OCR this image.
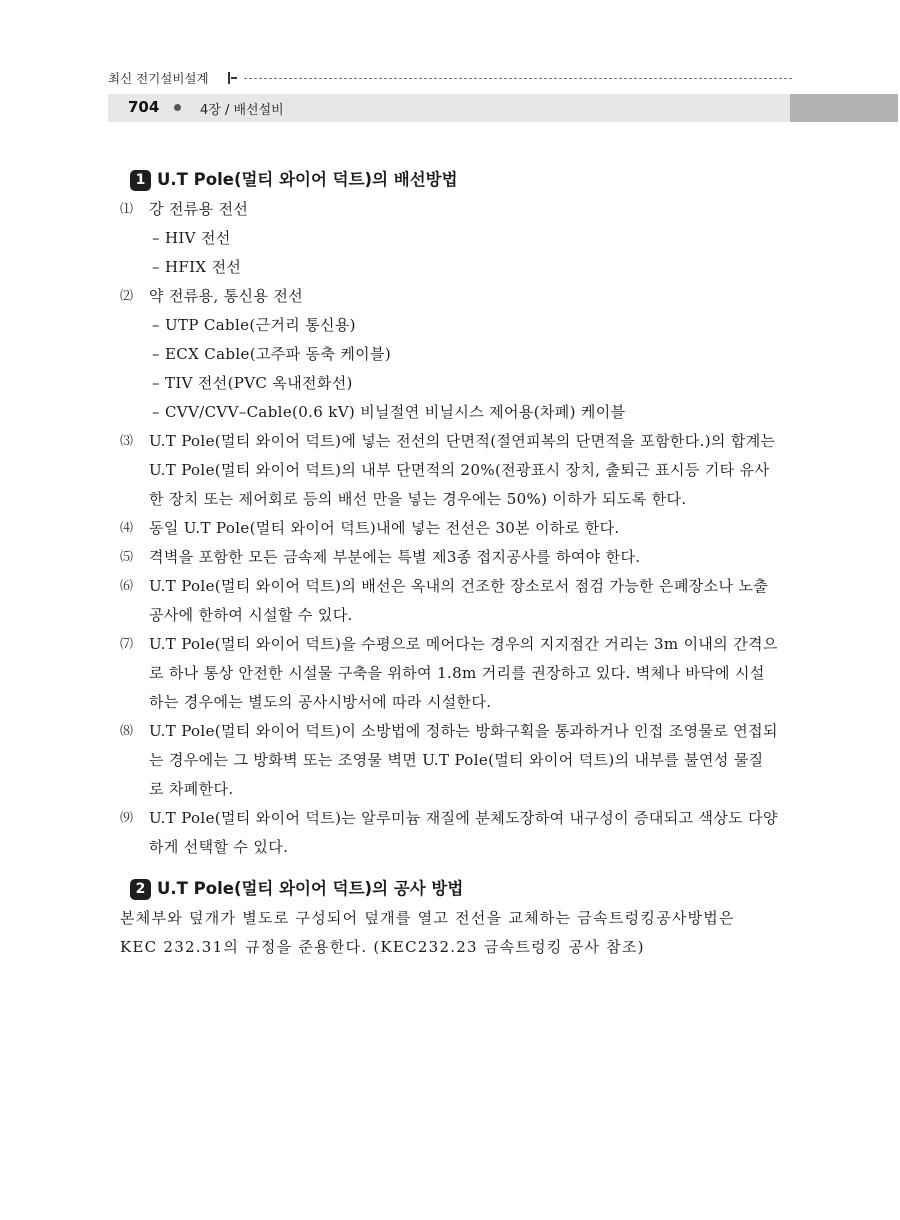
최신 전기설비설계
704	4장 / 배선설비
1 U.T Pole(멀티 와이어 덕트)의 배선방법
⑴ 강 전류용 전선
– HIV 전선
– HFIX 전선
⑵ 약 전류용, 통신용 전선
– UTP Cable(근거리 통신용)
– ECX Cable(고주파 동축 케이블)
– TIV 전선(PVC 옥내전화선)
– CVV/CVV–Cable(0.6 kV) 비닐절연 비닐시스 제어용(차폐) 케이블
⑶ U.T Pole(멀티 와이어 덕트)에 넣는 전선의 단면적(절연피복의 단면적을 포함한다.)의 합계는 U.T Pole(멀티 와이어 덕트)의 내부 단면적의 20%(전광표시 장치, 출퇴근 표시등 기타 유사한 장치 또는 제어회로 등의 배선 만을 넣는 경우에는 50%) 이하가 되도록 한다.
⑷ 동일 U.T Pole(멀티 와이어 덕트)내에 넣는 전선은 30본 이하로 한다.
⑸ 격벽을 포함한 모든 금속제 부분에는 특별 제3종 접지공사를 하여야 한다.
⑹ U.T Pole(멀티 와이어 덕트)의 배선은 옥내의 건조한 장소로서 점검 가능한 은폐장소나 노출 공사에 한하여 시설할 수 있다.
⑺ U.T Pole(멀티 와이어 덕트)을 수평으로 메어다는 경우의 지지점간 거리는 3m 이내의 간격으로 하나 통상 안전한 시설물 구축을 위하여 1.8m 거리를 권장하고 있다. 벽체나 바닥에 시설하는 경우에는 별도의 공사시방서에 따라 시설한다.
⑻ U.T Pole(멀티 와이어 덕트)이 소방법에 정하는 방화구획을 통과하거나 인접 조영물로 연접되는 경우에는 그 방화벽 또는 조영물 벽면 U.T Pole(멀티 와이어 덕트)의 내부를 불연성 물질로 차폐한다.
⑼ U.T Pole(멀티 와이어 덕트)는 알루미늄 재질에 분체도장하여 내구성이 증대되고 색상도 다양하게 선택할 수 있다.
2 U.T Pole(멀티 와이어 덕트)의 공사 방법
본체부와 덮개가 별도로 구성되어 덮개를 열고 전선을 교체하는 금속트렁킹공사방법은 KEC 232.31의 규정을 준용한다. (KEC232.23 금속트렁킹 공사 참조)
